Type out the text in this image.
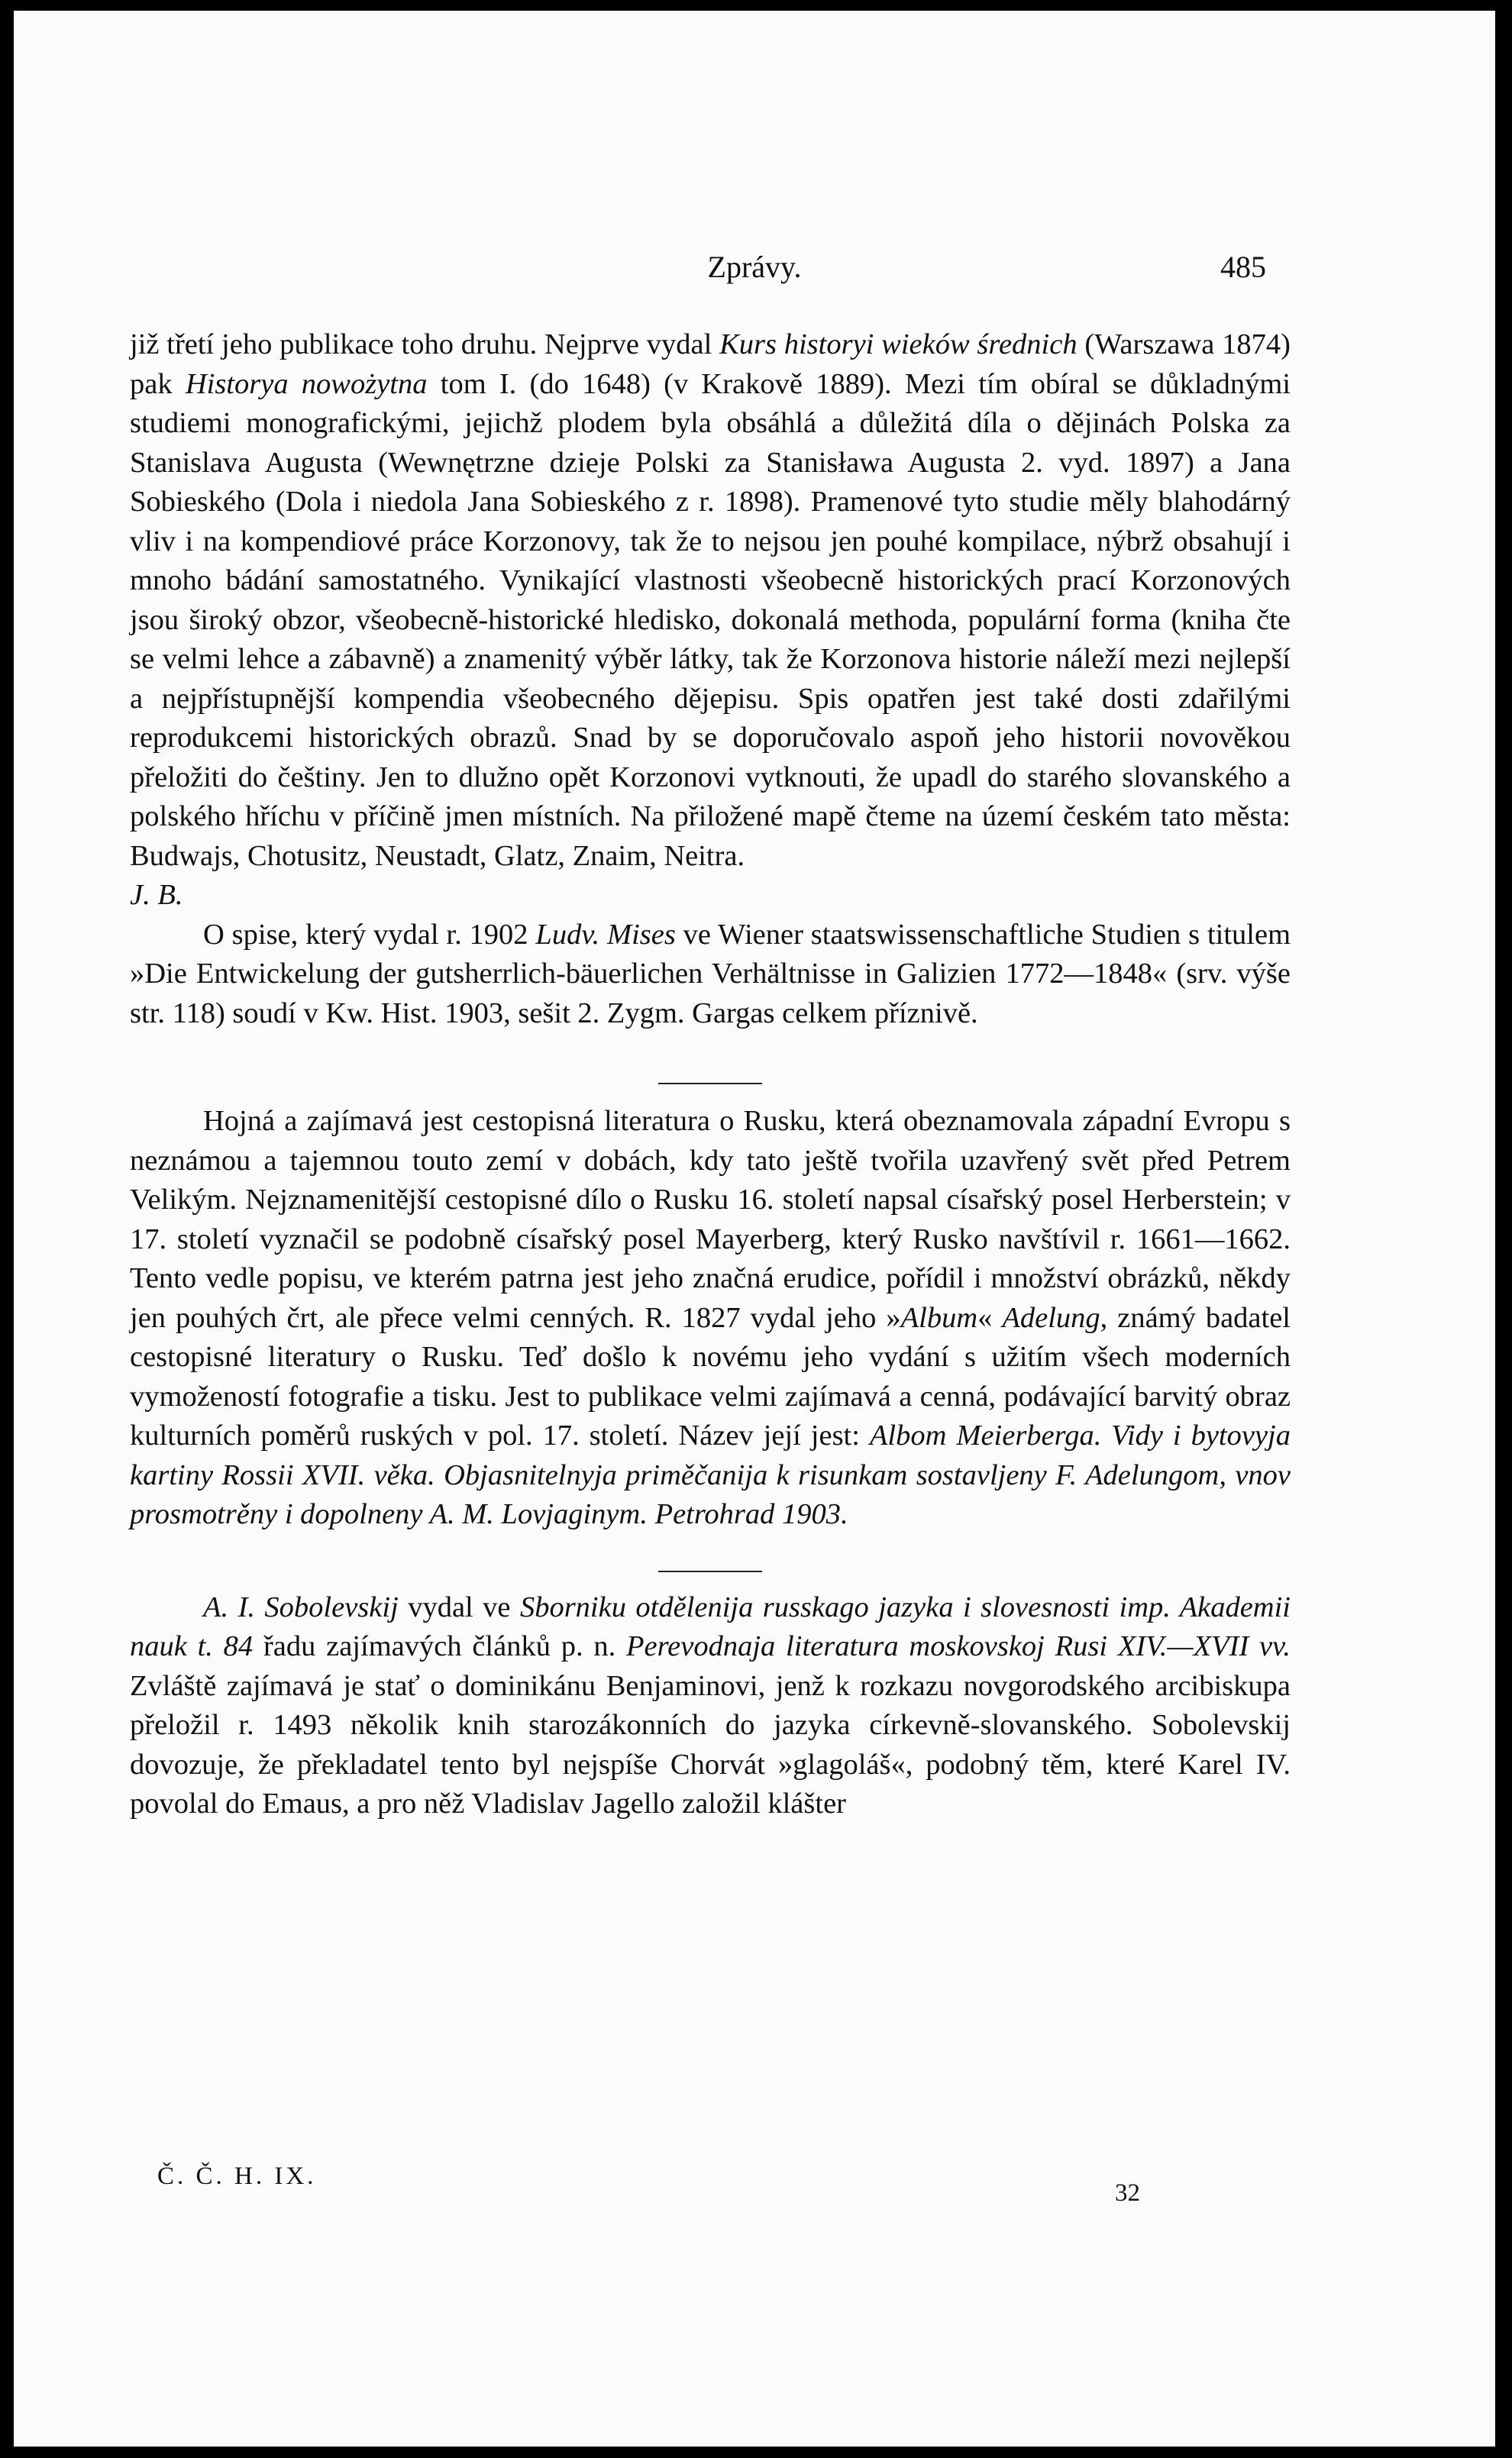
Zprávy.	485

již třetí jeho publikace toho druhu. Nejprve vydal Kurs historyi wieków średnich (Warszawa 1874) pak Historya nowożytna tom I. (do 1648) (v Krakově 1889). Mezi tím obíral se důkladnými studiemi monografickými, jejichž plodem byla obsáhlá a důležitá díla o dějinách Polska za Stanislava Augusta (Wewnętrzne dzieje Polski za Stanisława Augusta 2. vyd. 1897) a Jana Sobieského (Dola i niedola Jana Sobieského z r. 1898). Pramenové tyto studie měly blahodárný vliv i na kompendiové práce Korzonovy, tak že to nejsou jen pouhé kompilace, nýbrž obsahují i mnoho bádání samostatného. Vynikající vlastnosti všeobecně historických prací Korzonových jsou široký obzor, všeobecně-historické hledisko, dokonalá methoda, populární forma (kniha čte se velmi lehce a zábavně) a znamenitý výběr látky, tak že Korzonova historie náleží mezi nejlepší a nejpřístupnější kompendia všeobecného dějepisu. Spis opatřen jest také dosti zdařilými reprodukcemi historických obrazů. Snad by se doporučovalo aspoň jeho historii novověkou přeložiti do češtiny. Jen to dlužno opět Korzonovi vytknouti, že upadl do starého slovanského a polského hříchu v příčině jmen místních. Na přiložené mapě čteme na území českém tato města: Budwajs, Chotusitz, Neustadt, Glatz, Znaim, Neitra.

J. B.

O spise, který vydal r. 1902 Ludv. Mises ve Wiener staatswissenschaftliche Studien s titulem »Die Entwickelung der gutsherrlich-bäuerlichen Verhältnisse in Galizien 1772—1848« (srv. výše str. 118) soudí v Kw. Hist. 1903, sešit 2. Zygm. Gargas celkem příznivě.

Hojná a zajímavá jest cestopisná literatura o Rusku, která obeznamovala západní Evropu s neznámou a tajemnou touto zemí v dobách, kdy tato ještě tvořila uzavřený svět před Petrem Velikým. Nejznamenitější cestopisné dílo o Rusku 16. století napsal císařský posel Herberstein; v 17. století vyznačil se podobně císařský posel Mayerberg, který Rusko navštívil r. 1661—1662. Tento vedle popisu, ve kterém patrna jest jeho značná erudice, pořídil i množství obrázků, někdy jen pouhých črt, ale přece velmi cenných. R. 1827 vydal jeho »Album« Adelung, známý badatel cestopisné literatury o Rusku. Teď došlo k novému jeho vydání s užitím všech moderních vymožeností fotografie a tisku. Jest to publikace velmi zajímavá a cenná, podávající barvitý obraz kulturních poměrů ruských v pol. 17. století. Název její jest: Albom Meierberga. Vidy i bytovyja kartiny Rossii XVII. věka. Objasnitelnyja priměčanija k risunkam sostavljeny F. Adelungom, vnov prosmotrěny i dopolneny A. M. Lovjaginym. Petrohrad 1903.

A. I. Sobolevskij vydal ve Sborniku otdělenija russkago jazyka i slovesnosti imp. Akademii nauk t. 84 řadu zajímavých článků p. n. Perevodnaja literatura moskovskoj Rusi XIV.—XVII vv. Zvláště zajímavá je stať o dominikánu Benjaminovi, jenž k rozkazu novgorodského arcibiskupa přeložil r. 1493 několik knih starozákonních do jazyka církevně-slovanského. Sobolevskij dovozuje, že překladatel tento byl nejspíše Chorvát »glagoláš«, podobný těm, které Karel IV. povolal do Emaus, a pro něž Vladislav Jagello založil klášter

Č. Č. H. IX.
32
